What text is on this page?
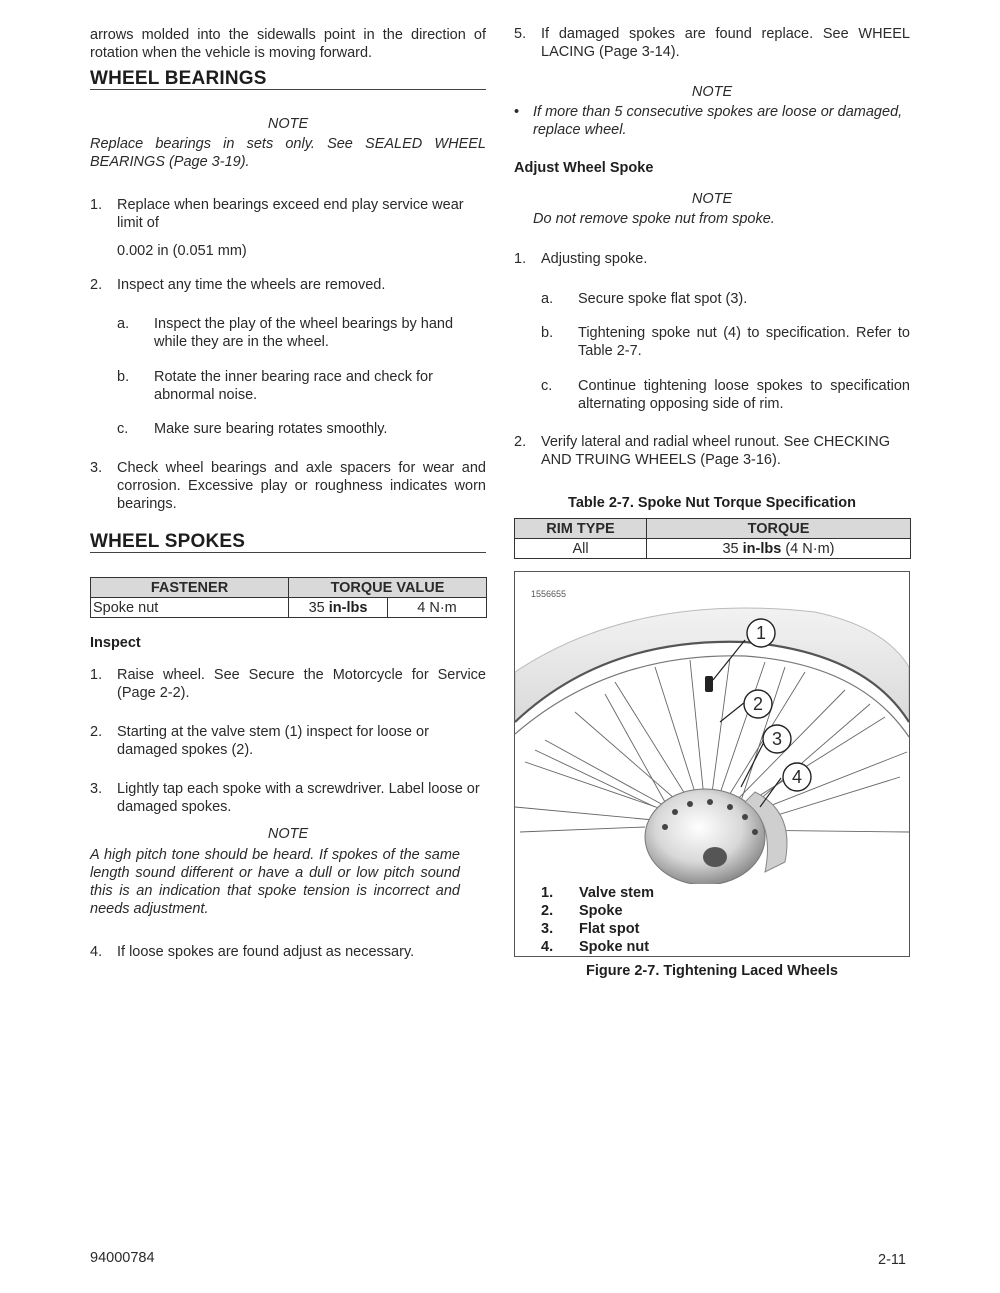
arrows molded into the sidewalls point in the direction of rotation when the vehicle is moving forward.
WHEEL BEARINGS
NOTE
Replace bearings in sets only. See SEALED WHEEL BEARINGS (Page 3-19).
1. Replace when bearings exceed end play service wear limit of
0.002 in (0.051 mm)
2. Inspect any time the wheels are removed.
a. Inspect the play of the wheel bearings by hand while they are in the wheel.
b. Rotate the inner bearing race and check for abnormal noise.
c. Make sure bearing rotates smoothly.
3. Check wheel bearings and axle spacers for wear and corrosion. Excessive play or roughness indicates worn bearings.
WHEEL SPOKES
FASTENER	TORQUE VALUE	
Spoke nut	35 in-lbs	4 N·m
Inspect
1. Raise wheel. See Secure the Motorcycle for Service (Page 2-2).
2. Starting at the valve stem (1) inspect for loose or damaged spokes (2).
3. Lightly tap each spoke with a screwdriver. Label loose or damaged spokes.
NOTE
A high pitch tone should be heard. If spokes of the same length sound different or have a dull or low pitch sound this is an indication that spoke tension is incorrect and needs adjustment.
4. If loose spokes are found adjust as necessary.
5. If damaged spokes are found replace. See WHEEL LACING (Page 3-14).
NOTE
• If more than 5 consecutive spokes are loose or damaged, replace wheel.
Adjust Wheel Spoke
NOTE
Do not remove spoke nut from spoke.
1. Adjusting spoke.
a. Secure spoke flat spot (3).
b. Tightening spoke nut (4) to specification. Refer to Table 2-7.
c. Continue tightening loose spokes to specification alternating opposing side of rim.
2. Verify lateral and radial wheel runout. See CHECKING AND TRUING WHEELS (Page 3-16).
Table 2-7. Spoke Nut Torque Specification
RIM TYPE	TORQUE
All	35 in-lbs (4 N·m)
1556655
1
2
3
4
1. Valve stem
2. Spoke
3. Flat spot
4. Spoke nut
Figure 2-7. Tightening Laced Wheels
94000784	2-11
